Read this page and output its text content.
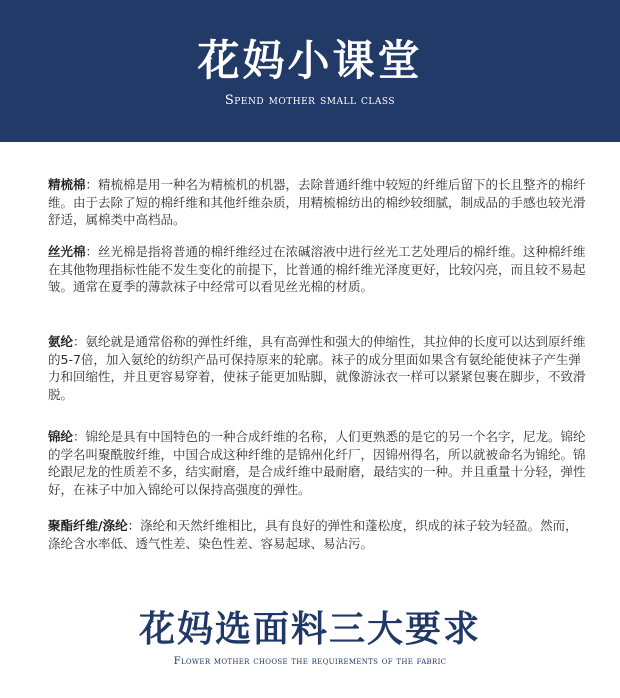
花妈小课堂
Spend mother small class

精梳棉：精梳棉是用一种名为精梳机的机器，去除普通纤维中较短的纤维后留下的长且整齐的棉纤维。由于去除了短的棉纤维和其他纤维杂质，用精梳棉纺出的棉纱较细腻，制成品的手感也较光滑舒适，属棉类中高档品。

丝光棉：丝光棉是指将普通的棉纤维经过在浓碱溶液中进行丝光工艺处理后的棉纤维。这种棉纤维在其他物理指标性能不发生变化的前提下，比普通的棉纤维光泽度更好，比较闪亮，而且较不易起皱。通常在夏季的薄款袜子中经常可以看见丝光棉的材质。

氨纶：氨纶就是通常俗称的弹性纤维，具有高弹性和强大的伸缩性，其拉伸的长度可以达到原纤维的5-7倍，加入氨纶的纺织产品可保持原来的轮廓。袜子的成分里面如果含有氨纶能使袜子产生弹力和回缩性，并且更容易穿着，使袜子能更加贴脚，就像游泳衣一样可以紧紧包裹在脚步，不致滑脱。

锦纶：锦纶是具有中国特色的一种合成纤维的名称，人们更熟悉的是它的另一个名字，尼龙。锦纶的学名叫聚酰胺纤维，中国合成这种纤维的是锦州化纤厂，因锦州得名，所以就被命名为锦纶。锦纶跟尼龙的性质差不多，结实耐磨，是合成纤维中最耐磨，最结实的一种。并且重量十分轻，弹性好，在袜子中加入锦纶可以保持高强度的弹性。

聚酯纤维/涤纶：涤纶和天然纤维相比，具有良好的弹性和蓬松度，织成的袜子较为轻盈。然而，涤纶含水率低、透气性差、染色性差、容易起球、易沾污。

花妈选面料三大要求
Flower mother choose the requirements of the fabric
